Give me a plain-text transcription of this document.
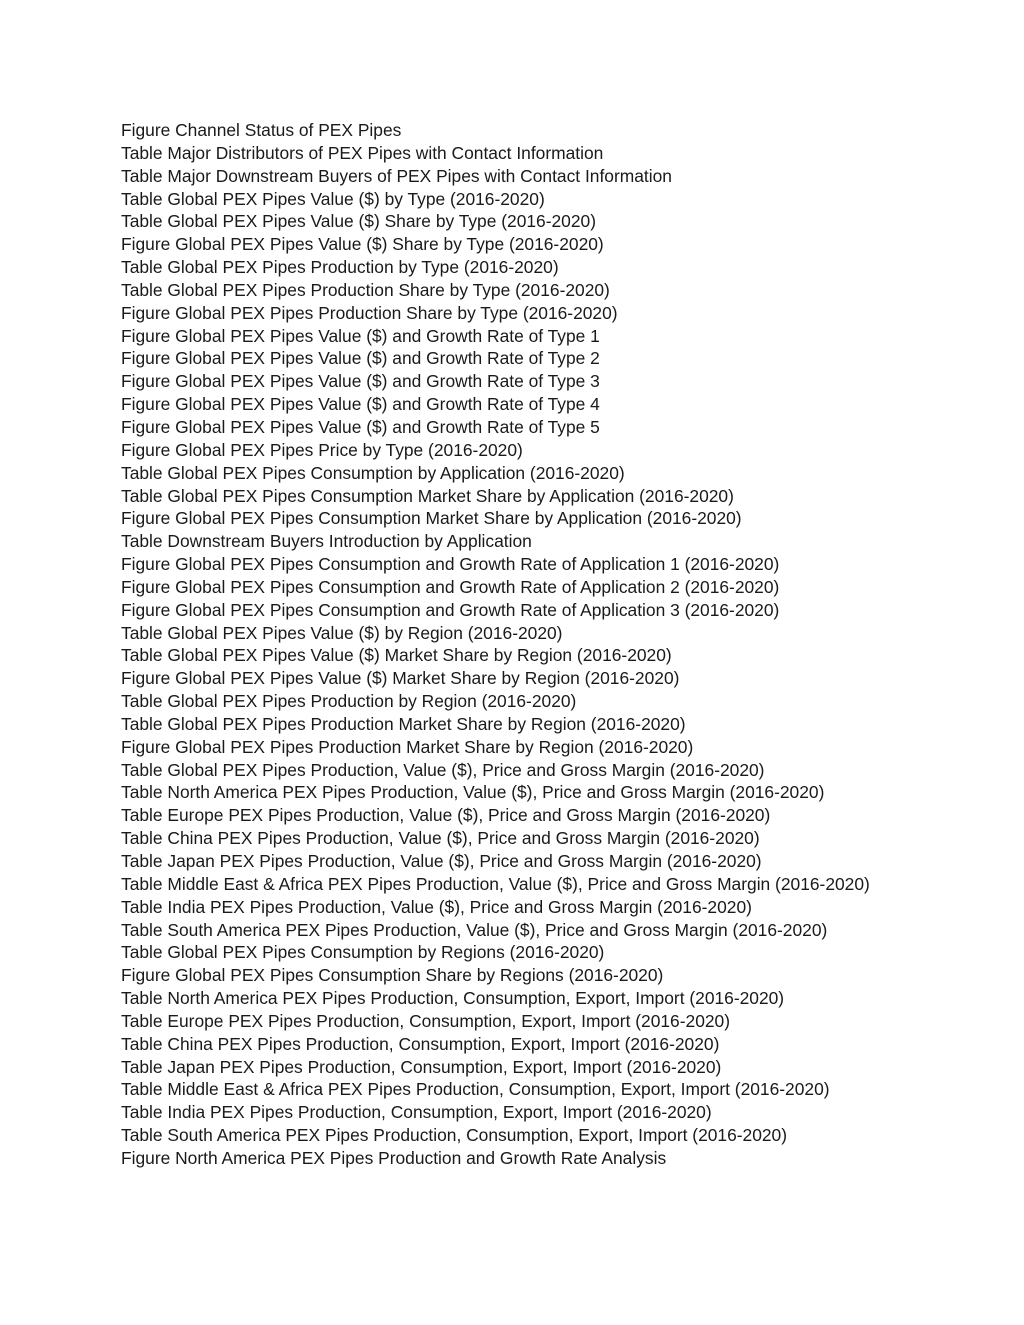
Figure Channel Status of PEX Pipes
Table Major Distributors of PEX Pipes with Contact Information
Table Major Downstream Buyers of PEX Pipes with Contact Information
Table Global PEX Pipes Value ($) by Type (2016-2020)
Table Global PEX Pipes Value ($) Share by Type (2016-2020)
Figure Global PEX Pipes Value ($) Share by Type (2016-2020)
Table Global PEX Pipes Production by Type (2016-2020)
Table Global PEX Pipes Production Share by Type (2016-2020)
Figure Global PEX Pipes Production Share by Type (2016-2020)
Figure Global PEX Pipes Value ($) and Growth Rate of Type 1
Figure Global PEX Pipes Value ($) and Growth Rate of Type 2
Figure Global PEX Pipes Value ($) and Growth Rate of Type 3
Figure Global PEX Pipes Value ($) and Growth Rate of Type 4
Figure Global PEX Pipes Value ($) and Growth Rate of Type 5
Figure Global PEX Pipes Price by Type (2016-2020)
Table Global PEX Pipes Consumption by Application (2016-2020)
Table Global PEX Pipes Consumption Market Share by Application (2016-2020)
Figure Global PEX Pipes Consumption Market Share by Application (2016-2020)
Table Downstream Buyers Introduction by Application
Figure Global PEX Pipes Consumption and Growth Rate of Application 1 (2016-2020)
Figure Global PEX Pipes Consumption and Growth Rate of Application 2 (2016-2020)
Figure Global PEX Pipes Consumption and Growth Rate of Application 3 (2016-2020)
Table Global PEX Pipes Value ($) by Region (2016-2020)
Table Global PEX Pipes Value ($) Market Share by Region (2016-2020)
Figure Global PEX Pipes Value ($) Market Share by Region (2016-2020)
Table Global PEX Pipes Production by Region (2016-2020)
Table Global PEX Pipes Production Market Share by Region (2016-2020)
Figure Global PEX Pipes Production Market Share by Region (2016-2020)
Table Global PEX Pipes Production, Value ($), Price and Gross Margin (2016-2020)
Table North America PEX Pipes Production, Value ($), Price and Gross Margin (2016-2020)
Table Europe PEX Pipes Production, Value ($), Price and Gross Margin (2016-2020)
Table China PEX Pipes Production, Value ($), Price and Gross Margin (2016-2020)
Table Japan PEX Pipes Production, Value ($), Price and Gross Margin (2016-2020)
Table Middle East & Africa PEX Pipes Production, Value ($), Price and Gross Margin (2016-2020)
Table India PEX Pipes Production, Value ($), Price and Gross Margin (2016-2020)
Table South America PEX Pipes Production, Value ($), Price and Gross Margin (2016-2020)
Table Global PEX Pipes Consumption by Regions (2016-2020)
Figure Global PEX Pipes Consumption Share by Regions (2016-2020)
Table North America PEX Pipes Production, Consumption, Export, Import (2016-2020)
Table Europe PEX Pipes Production, Consumption, Export, Import (2016-2020)
Table China PEX Pipes Production, Consumption, Export, Import (2016-2020)
Table Japan PEX Pipes Production, Consumption, Export, Import (2016-2020)
Table Middle East & Africa PEX Pipes Production, Consumption, Export, Import (2016-2020)
Table India PEX Pipes Production, Consumption, Export, Import (2016-2020)
Table South America PEX Pipes Production, Consumption, Export, Import (2016-2020)
Figure North America PEX Pipes Production and Growth Rate Analysis
